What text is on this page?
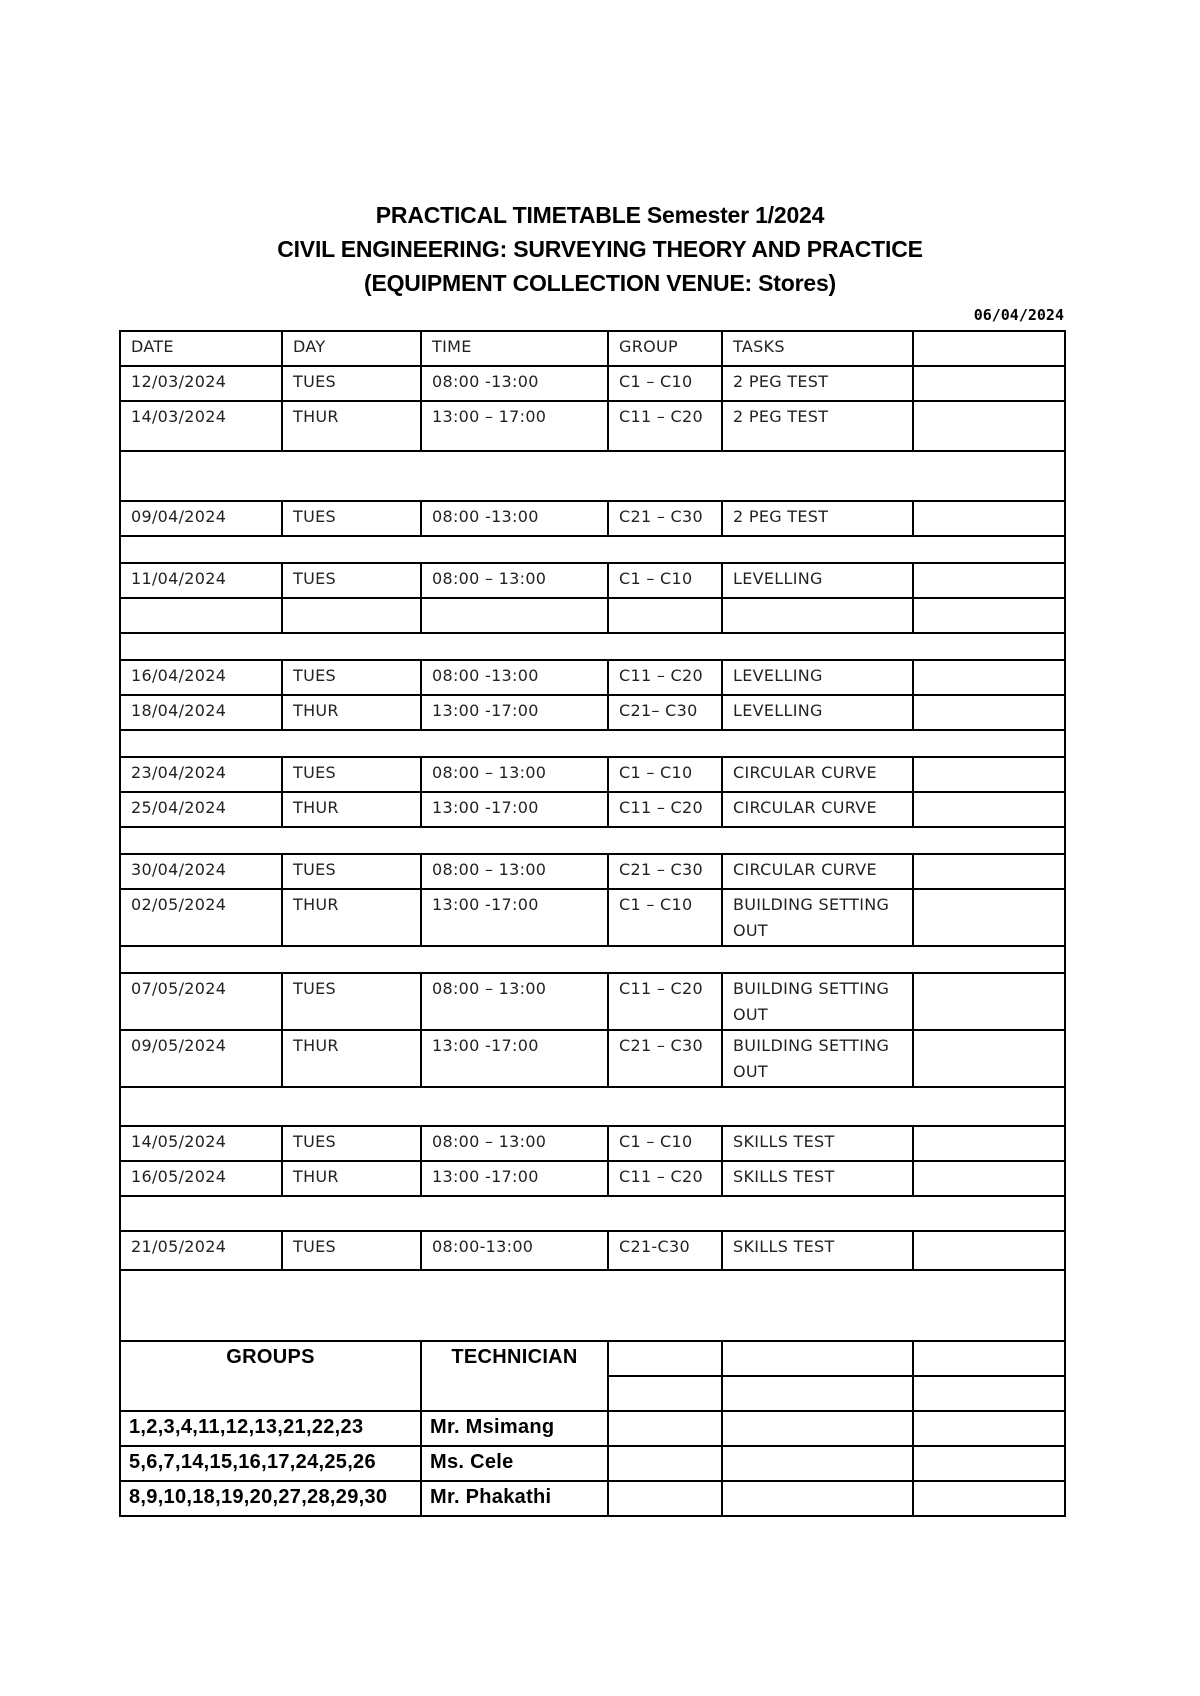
PRACTICAL TIMETABLE Semester 1/2024
CIVIL ENGINEERING: SURVEYING THEORY AND PRACTICE
(EQUIPMENT COLLECTION VENUE: Stores)
06/04/2024
DATE	DAY	TIME	GROUP	TASKS	
12/03/2024	TUES	08:00 -13:00	C1 – C10	2 PEG TEST	
14/03/2024	THUR	13:00 – 17:00	C11 – C20	2 PEG TEST	

09/04/2024	TUES	08:00 -13:00	C21 – C30	2 PEG TEST	

11/04/2024	TUES	08:00 – 13:00	C1 – C10	LEVELLING	

16/04/2024	TUES	08:00 -13:00	C11 – C20	LEVELLING	
18/04/2024	THUR	13:00 -17:00	C21– C30	LEVELLING	

23/04/2024	TUES	08:00 – 13:00	C1 – C10	CIRCULAR CURVE	
25/04/2024	THUR	13:00 -17:00	C11 – C20	CIRCULAR CURVE	

30/04/2024	TUES	08:00 – 13:00	C21 – C30	CIRCULAR CURVE	
02/05/2024	THUR	13:00 -17:00	C1 – C10	BUILDING SETTING OUT	

07/05/2024	TUES	08:00 – 13:00	C11 – C20	BUILDING SETTING OUT	
09/05/2024	THUR	13:00 -17:00	C21 – C30	BUILDING SETTING OUT	

14/05/2024	TUES	08:00 – 13:00	C1 – C10	SKILLS TEST	
16/05/2024	THUR	13:00 -17:00	C11 – C20	SKILLS TEST	

21/05/2024	TUES	08:00-13:00	C21-C30	SKILLS TEST	

GROUPS		TECHNICIAN			

1,2,3,4,11,12,13,21,22,23		Mr. Msimang			
5,6,7,14,15,16,17,24,25,26		Ms. Cele			
8,9,10,18,19,20,27,28,29,30		Mr. Phakathi			
